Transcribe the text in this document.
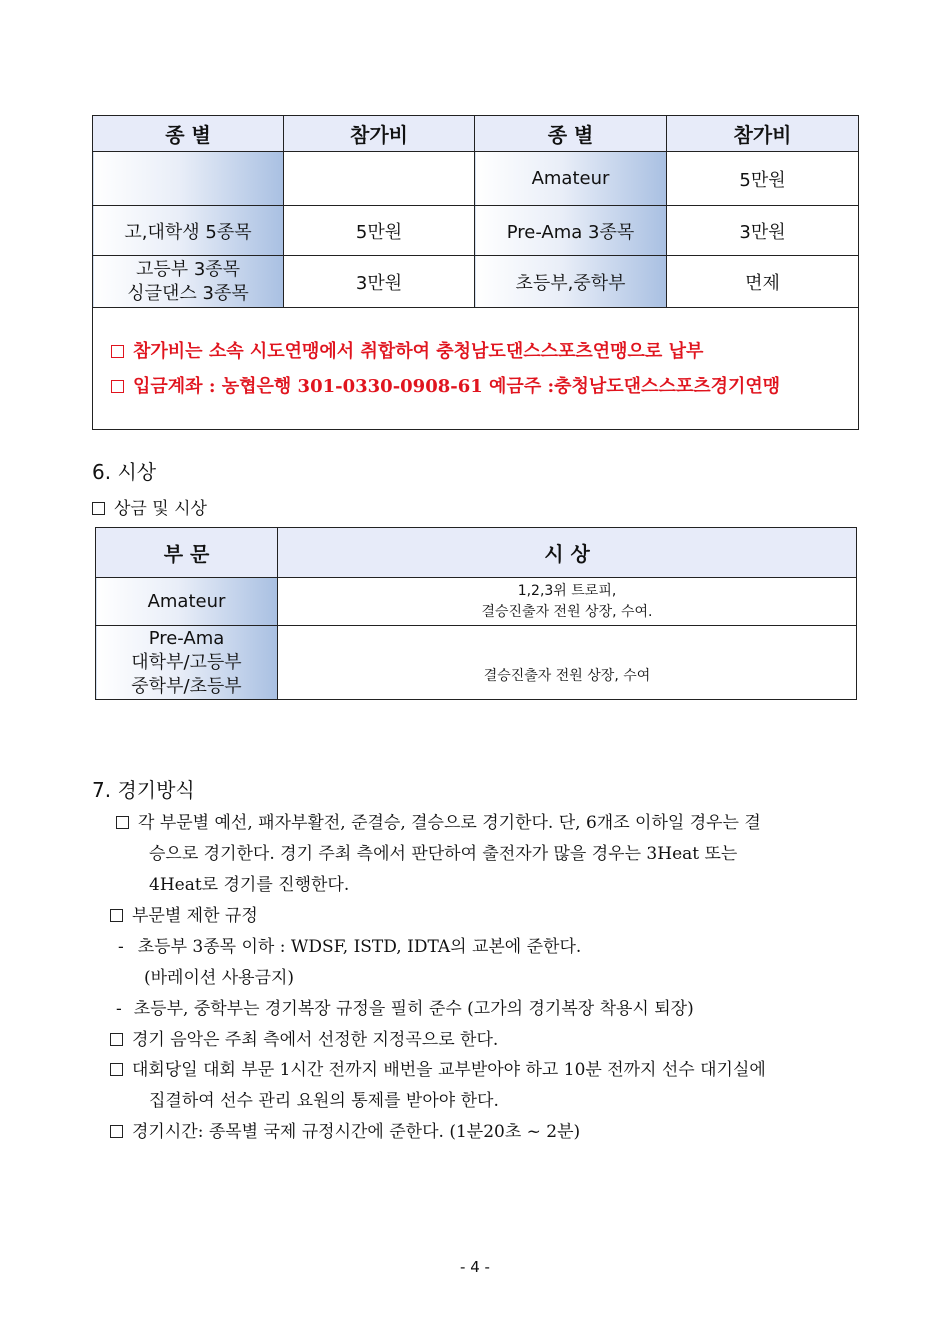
종 별	참가비	종 별	참가비
		Amateur	5만원
고,대학생 5종목	5만원	Pre-Ama 3종목	3만원

고등부 3종목
싱글댄스 3종목	3만원	초등부,중학부	면제

참가비는 소속 시도연맹에서 취합하여 충청남도댄스스포츠연맹으로 납부
입금계좌 : 농협은행 301-0330-0908-61 예금주 :충청남도댄스스포츠경기연맹			
6. 시상
상금 및 시상
부 문	시 상
Amateur	1,2,3위 트로피,
결승진출자 전원 상장, 수여.

Pre-Ama
대학부/고등부
중학부/초등부	결승진출자 전원 상장, 수여
7. 경기방식
각 부문별 예선, 패자부활전, 준결승, 결승으로 경기한다. 단, 6개조 이하일 경우는 결
승으로 경기한다. 경기 주최 측에서 판단하여 출전자가 많을 경우는 3Heat 또는
4Heat로 경기를 진행한다.
부문별 제한 규정
- 초등부 3종목 이하 : WDSF, ISTD, IDTA의 교본에 준한다.
(바레이션 사용금지)
- 초등부, 중학부는 경기복장 규정을 필히 준수 (고가의 경기복장 착용시 퇴장)
경기 음악은 주최 측에서 선정한 지정곡으로 한다.
대회당일 대회 부문 1시간 전까지 배번을 교부받아야 하고 10분 전까지 선수 대기실에
집결하여 선수 관리 요원의 통제를 받아야 한다.
경기시간: 종목별 국제 규정시간에 준한다. (1분20초 ~ 2분)
- 4 -
